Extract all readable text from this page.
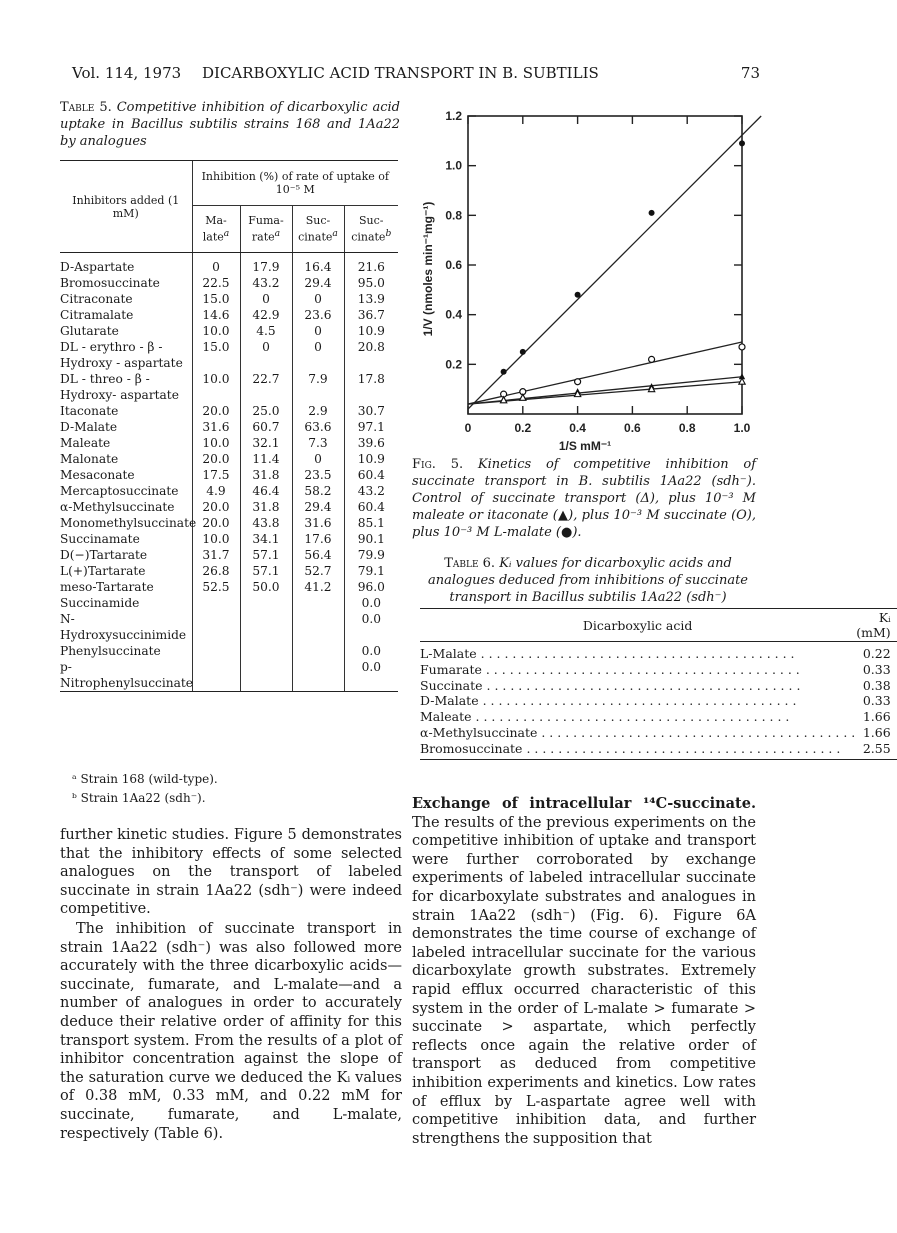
Vol. 114, 1973 DICARBOXYLIC ACID TRANSPORT IN B. SUBTILIS	73
Table 5. Competitive inhibition of dicarboxylic acid uptake in Bacillus subtilis strains 168 and 1Aa22 by analogues
Inhibitors added (1 mM)	Inhibition (%) of rate of uptake of 10⁻⁵ M			
	Ma-late$^a$	Fuma-rate$^a$	Suc-cinate$^a$	Suc-cinate$^b$
D-Aspartate	0	17.9	16.4	21.6
Bromosuccinate	22.5	43.2	29.4	95.0
Citraconate	15.0	0	0	13.9
Citramalate	14.6	42.9	23.6	36.7
Glutarate	10.0	4.5	0	10.9
DL - erythro - β - Hydroxy - aspartate	15.0	0	0	20.8
DL - threo - β - Hydroxy- aspartate	10.0	22.7	7.9	17.8
Itaconate	20.0	25.0	2.9	30.7
D-Malate	31.6	60.7	63.6	97.1
Maleate	10.0	32.1	7.3	39.6
Malonate	20.0	11.4	0	10.9
Mesaconate	17.5	31.8	23.5	60.4
Mercaptosuccinate	4.9	46.4	58.2	43.2
α-Methylsuccinate	20.0	31.8	29.4	60.4
Monomethylsuccinate	20.0	43.8	31.6	85.1
Succinamate	10.0	34.1	17.6	90.1
D(−)Tartarate	31.7	57.1	56.4	79.9
L(+)Tartarate	26.8	57.1	52.7	79.1
meso-Tartarate	52.5	50.0	41.2	96.0
Succinamide				0.0
N-Hydroxysuccinimide				0.0
Phenylsuccinate				0.0
p-Nitrophenylsuccinate				0.0
ᵃ Strain 168 (wild-type).
ᵇ Strain 1Aa22 (sdh⁻).
further kinetic studies. Figure 5 demonstrates that the inhibitory effects of some selected analogues on the transport of labeled succinate in strain 1Aa22 (sdh⁻) were indeed competitive.
The inhibition of succinate transport in strain 1Aa22 (sdh⁻) was also followed more accurately with the three dicarboxylic acids—succinate, fumarate, and L-malate—and a number of analogues in order to accurately deduce their relative order of affinity for this transport system. From the results of a plot of inhibitor concentration against the slope of the saturation curve we deduced the Kᵢ values of 0.38 mM, 0.33 mM, and 0.22 mM for succinate, fumarate, and L-malate, respectively (Table 6).
0	0.2	0.4	0.6	0.8	1.0
0.2
0.4
0.6
0.8
1.0
1.2
1/S mM⁻¹
1/V (nmoles min⁻¹mg⁻¹)
Fig. 5. Kinetics of competitive inhibition of succinate transport in B. subtilis 1Aa22 (sdh⁻). Control of succinate transport (Δ), plus 10⁻³ M maleate or itaconate (▲), plus 10⁻³ M succinate (O), plus 10⁻³ M L-malate (●).
Table 6. Kᵢ values for dicarboxylic acids and analogues deduced from inhibitions of succinate transport in Bacillus subtilis 1Aa22 (sdh⁻)
Dicarboxylic acid	Kᵢ (mM)
L-Malate . . . . . . . . . . . . . . . . . . . . . . . . . . . . . . . . . . . . . . . .	0.22
Fumarate . . . . . . . . . . . . . . . . . . . . . . . . . . . . . . . . . . . . . . . .	0.33
Succinate . . . . . . . . . . . . . . . . . . . . . . . . . . . . . . . . . . . . . . . .	0.38
D-Malate . . . . . . . . . . . . . . . . . . . . . . . . . . . . . . . . . . . . . . . .	0.33
Maleate . . . . . . . . . . . . . . . . . . . . . . . . . . . . . . . . . . . . . . . .	1.66
α-Methylsuccinate . . . . . . . . . . . . . . . . . . . . . . . . . . . . . . . . . . . . . . . .	1.66
Bromosuccinate . . . . . . . . . . . . . . . . . . . . . . . . . . . . . . . . . . . . . . . .	2.55
Exchange of intracellular ¹⁴C-succinate. The results of the previous experiments on the competitive inhibition of uptake and transport were further corroborated by exchange experiments of labeled intracellular succinate for dicarboxylate substrates and analogues in strain 1Aa22 (sdh⁻) (Fig. 6). Figure 6A demonstrates the time course of exchange of labeled intracellular succinate for the various dicarboxylate growth substrates. Extremely rapid efflux occurred characteristic of this system in the order of L-malate > fumarate > succinate > aspartate, which perfectly reflects once again the relative order of transport as deduced from competitive inhibition experiments and kinetics. Low rates of efflux by L-aspartate agree well with competitive inhibition data, and further strengthens the supposition that
